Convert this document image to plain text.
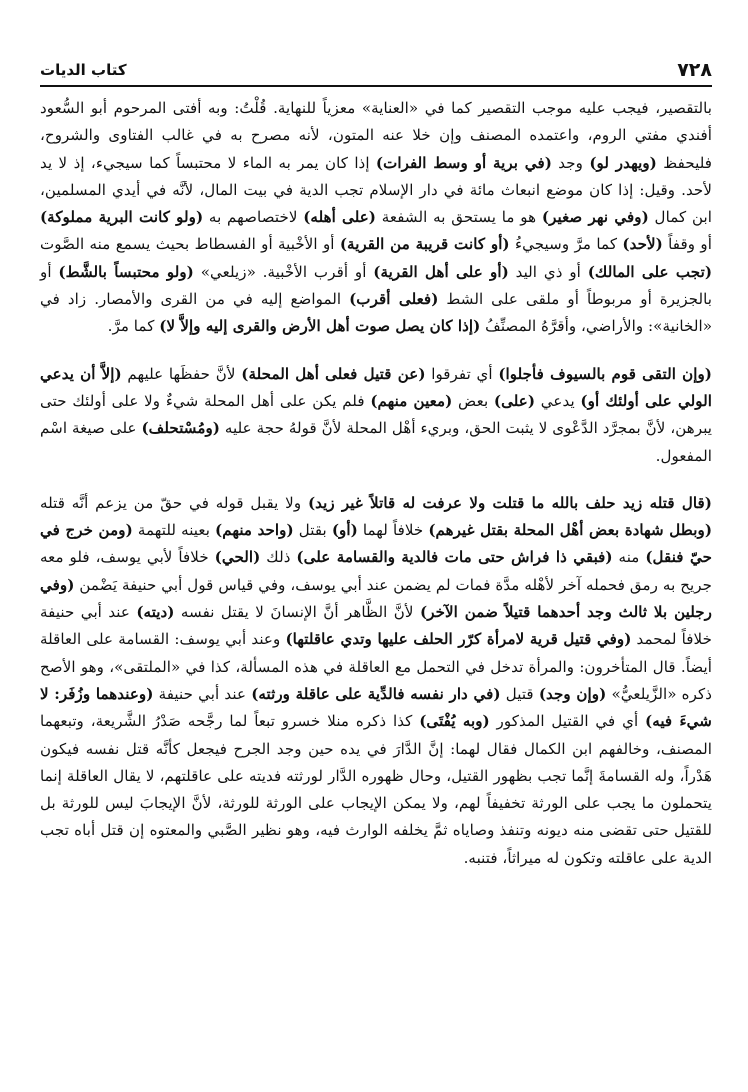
٧٢٨
كتاب الديات

بالتقصير، فيجب عليه موجب التقصير كما في «العناية» معزياً للنهاية. قُلْتُ: وبه أفتى المرحوم أبو السُّعود أفندي مفتي الروم، واعتمده المصنف وإن خلا عنه المتون، لأنه مصرح به في غالب الفتاوى والشروح، فليحفظ (ويهدر لو) وجد (في برية أو وسط الفرات) إذا كان يمر به الماء لا محتبساً كما سيجيء، إذ لا يد لأحد. وقيل: إذا كان موضع انبعاث مائة في دار الإسلام تجب الدية في بيت المال، لأنَّه في أيدي المسلمين، ابن كمال (وفي نهر صغير) هو ما يستحق به الشفعة (على أهله) لاختصاصهم به (ولو كانت البرية مملوكة) أو وقفاً (لأحد) كما مرَّ وسيجيءُ (أو كانت قريبة من القرية) أو الأخْبية أو الفسطاط بحيث يسمع منه الصَّوت (تجب على المالك) أو ذي اليد (أو على أهل القرية) أو أقرب الأخْبية. «زيلعي» (ولو محتبساً بالشَّط) أو بالجزيرة أو مربوطاً أو ملقى على الشط (فعلى أقرب) المواضع إليه في من القرى والأمصار. زاد في «الخانية»: والأراضي، وأقرَّهُ المصنِّفُ (إذا كان يصل صوت أهل الأرض والقرى إليه وإلاَّ لا) كما مرَّ.

(وإن التقى قوم بالسيوف فأجلوا) أي تفرقوا (عن قتيل فعلى أهل المحلة) لأنَّ حفظَها عليهم (إلاَّ أن يدعي الولي على أولئك أو) يدعي (على) بعض (معين منهم) فلم يكن على أهل المحلة شيءٌ ولا على أولئك حتى يبرهن، لأنَّ بمجرَّد الدَّعْوى لا يثبت الحق، وبريء أهْل المحلة لأنَّ قولهُ حجة عليه (ومُسْتحلف) على صيغة اسْم المفعول.

(قال قتله زيد حلف بالله ما قتلت ولا عرفت له قاتلاً غير زيد) ولا يقبل قوله في حقّ من يزعم أنَّه قتله (وبطل شهادة بعض أهْل المحلة بقتل غيرهم) خلافاً لهما (أو) بقتل (واحد منهم) بعينه للتهمة (ومن خرج في حيّ فنقل) منه (فبقي ذا فراش حتى مات فالدية والقسامة على) ذلك (الحي) خلافاً لأبي يوسف، فلو معه جريح به رمق فحمله آخر لأهْله مدَّة فمات لم يضمن عند أبي يوسف، وفي قياس قول أبي حنيفة يَضْمن (وفي رجلين بلا ثالث وجد أحدهما قتيلاً ضمن الآخر) لأنَّ الظَّاهر أنَّ الإنسانَ لا يقتل نفسه (ديته) عند أبي حنيفة خلافاً لمحمد (وفي قتيل قرية لامرأة كرّر الحلف عليها وتدي عاقلتها) وعند أبي يوسف: القسامة على العاقلة أيضاً. قال المتأخرون: والمرأة تدخل في التحمل مع العاقلة في هذه المسألة، كذا في «الملتقى»، وهو الأصح ذكره «الزَّيلعيُّ» (وإن وجد) قتيل (في دار نفسه فالدِّية على عاقلة ورثته) عند أبي حنيفة (وعندهما وزُفَر: لا شيءَ فيه) أي في القتيل المذكور (وبه يُفْتَى) كذا ذكره منلا خسرو تبعاً لما رجَّحه صَدْرُ الشَّريعة، وتبعهما المصنف، وخالفهم ابن الكمال فقال لهما: إنَّ الدَّارَ في يده حين وجد الجرح فيجعل كأنَّه قتل نفسه فيكون هَدْراً، وله القسامةَ إنَّما تجب بظهور القتيل، وحال ظهوره الدَّار لورثته فديته على عاقلتهم، لا يقال العاقلة إنما يتحملون ما يجب على الورثة تخفيفاً لهم، ولا يمكن الإيجاب على الورثة للورثة، لأنَّ الإيجابَ ليس للورثة بل للقتيل حتى تقضى منه ديونه وتنفذ وصاياه ثمَّ يخلفه الوارث فيه، وهو نظير الصَّبي والمعتوه إن قتل أباه تجب الدية على عاقلته وتكون له ميراثاً، فتنبه.
